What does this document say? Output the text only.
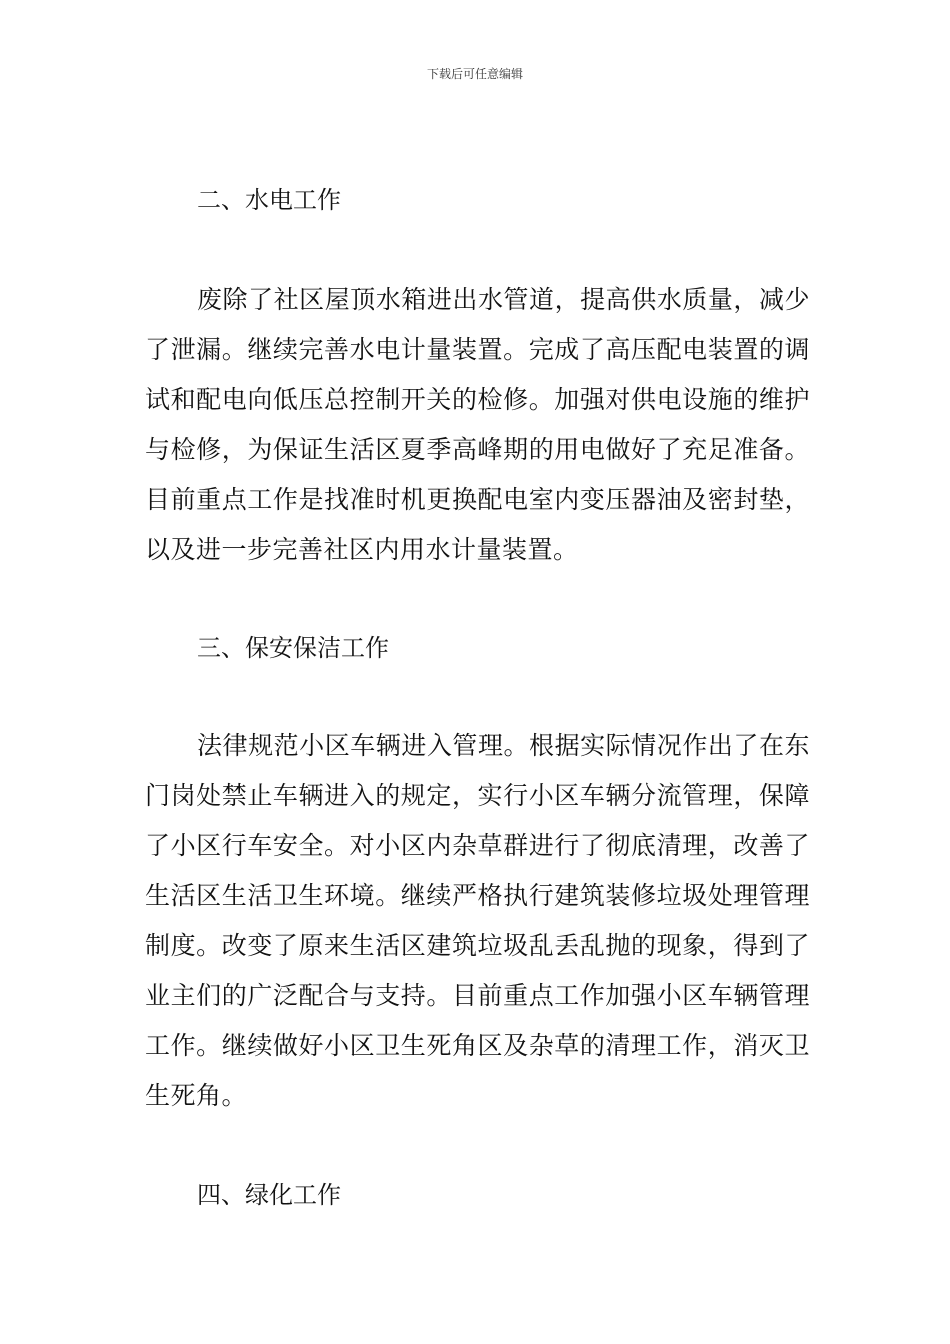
下载后可任意编辑
二、水电工作

废除了社区屋顶水箱进出水管道，提高供水质量，减少了泄漏。继续完善水电计量装置。完成了高压配电装置的调试和配电向低压总控制开关的检修。加强对供电设施的维护与检修，为保证生活区夏季高峰期的用电做好了充足准备。目前重点工作是找准时机更换配电室内变压器油及密封垫，以及进一步完善社区内用水计量装置。

三、保安保洁工作

法律规范小区车辆进入管理。根据实际情况作出了在东门岗处禁止车辆进入的规定，实行小区车辆分流管理，保障了小区行车安全。对小区内杂草群进行了彻底清理，改善了生活区生活卫生环境。继续严格执行建筑装修垃圾处理管理制度。改变了原来生活区建筑垃圾乱丢乱抛的现象，得到了业主们的广泛配合与支持。目前重点工作加强小区车辆管理工作。继续做好小区卫生死角区及杂草的清理工作，消灭卫生死角。

四、绿化工作
